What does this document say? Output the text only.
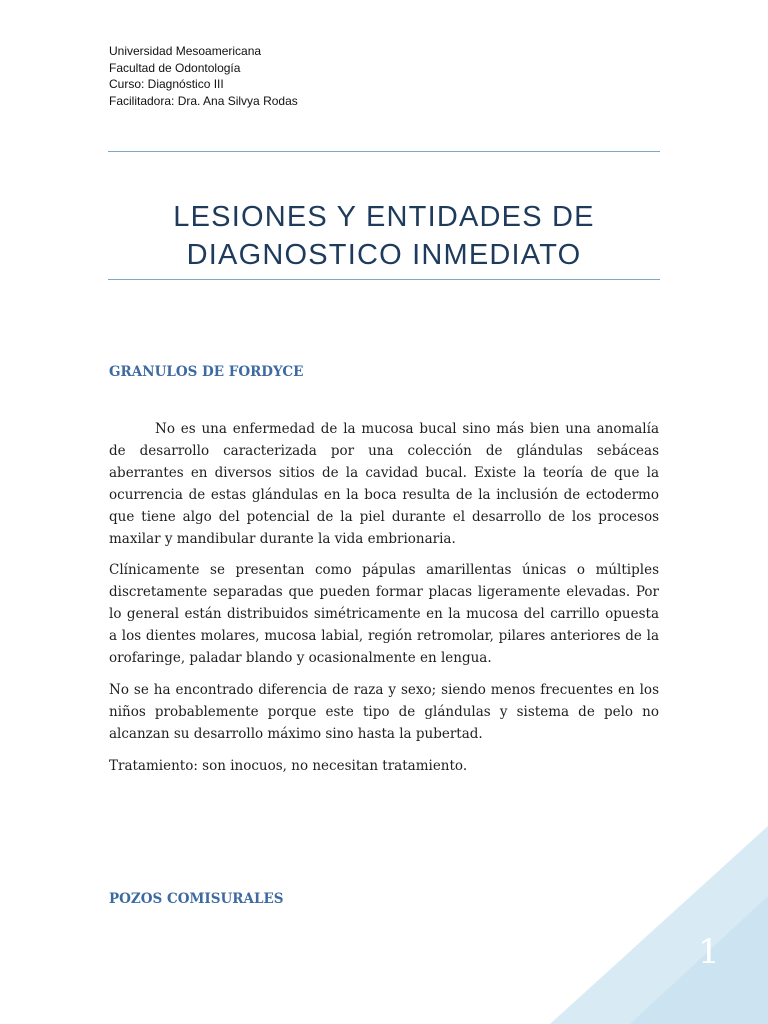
Universidad Mesoamericana
Facultad de Odontología
Curso: Diagnóstico III
Facilitadora: Dra. Ana Silvya Rodas
LESIONES Y ENTIDADES DE
DIAGNOSTICO INMEDIATO
GRANULOS DE FORDYCE

No es una enfermedad de la mucosa bucal sino más bien una anomalía de desarrollo caracterizada por una colección de glándulas sebáceas aberrantes en diversos sitios de la cavidad bucal. Existe la teoría de que la ocurrencia de estas glándulas en la boca resulta de la inclusión de ectodermo que tiene algo del potencial de la piel durante el desarrollo de los procesos maxilar y mandibular durante la vida embrionaria.

Clínicamente se presentan como pápulas amarillentas únicas o múltiples discretamente separadas que pueden formar placas ligeramente elevadas. Por lo general están distribuidos simétricamente en la mucosa del carrillo opuesta a los dientes molares, mucosa labial, región retromolar, pilares anteriores de la orofaringe, paladar blando y ocasionalmente en lengua.

No se ha encontrado diferencia de raza y sexo; siendo menos frecuentes en los niños probablemente porque este tipo de glándulas y sistema de pelo no alcanzan su desarrollo máximo sino hasta la pubertad.

Tratamiento: son inocuos, no necesitan tratamiento.

POZOS COMISURALES
1
